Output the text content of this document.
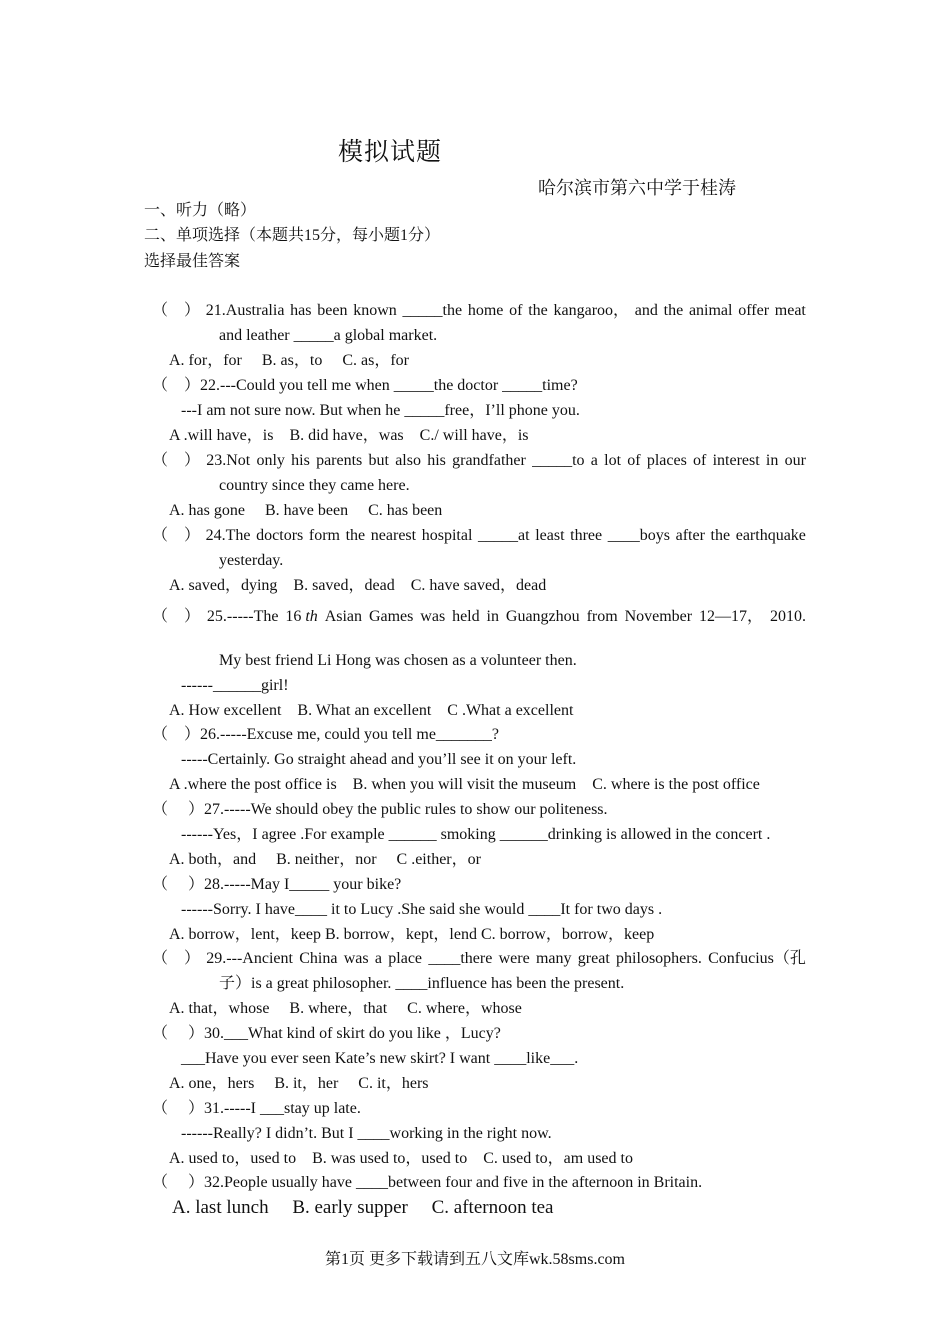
模拟试题
哈尔滨市第六中学于桂涛
一、听力（略）
二、单项选择（本题共15分，每小题1分）
选择最佳答案
（　） 21.Australia has been known _____the home of the kangaroo， and the animal offer meat
and leather _____a global market.
A. for，for　 B. as，to　 C. as，for
（　）22.---Could you tell me when _____the doctor _____time?
---I am not sure now. But when he _____free，I’ll phone you.
A .will have，is　B. did have，was　C./ will have，is
（　） 23.Not only his parents but also his grandfather _____to a lot of places of interest in our
country since they came here.
A. has gone　 B. have been　 C. has been
（　） 24.The doctors form the nearest hospital _____at least three ____boys after the earthquake
yesterday.
A. saved，dying　B. saved，dead　C. have saved，dead
（　） 25.-----The 16 th Asian Games was held in Guangzhou from November 12—17， 2010.
My best friend Li Hong was chosen as a volunteer then.
------______girl!
A. How excellent　B. What an excellent　C .What a excellent
（　）26.-----Excuse me, could you tell me_______?
-----Certainly. Go straight ahead and you’ll see it on your left.
A .where the post office is　B. when you will visit the museum　C. where is the post office
（　 ）27.-----We should obey the public rules to show our politeness.
------Yes，I agree .For example ______ smoking ______drinking is allowed in the concert .
A. both，and　 B. neither，nor　 C .either，or
（　 ）28.-----May I_____ your bike?
------Sorry. I have____ it to Lucy .She said she would ____It for two days .
A. borrow，lent，keep B. borrow，kept，lend C. borrow，borrow，keep
（　） 29.---Ancient China was a place ____there were many great philosophers. Confucius（孔
子）is a great philosopher. ____influence has been the present.
A. that，whose　 B. where，that　 C. where，whose
（　 ）30.___What kind of skirt do you like ，Lucy?
___Have you ever seen Kate’s new skirt? I want ____like___.
A. one，hers　 B. it，her　 C. it，hers
（　 ）31.-----I ___stay up late.
------Really? I didn’t. But I ____working in the right now.
A. used to，used to　B. was used to，used to　C. used to，am used to
（　 ）32.People usually have ____between four and five in the afternoon in Britain.
A. last lunch　 B. early supper　 C. afternoon tea
第1页 更多下载请到五八文库wk.58sms.com
